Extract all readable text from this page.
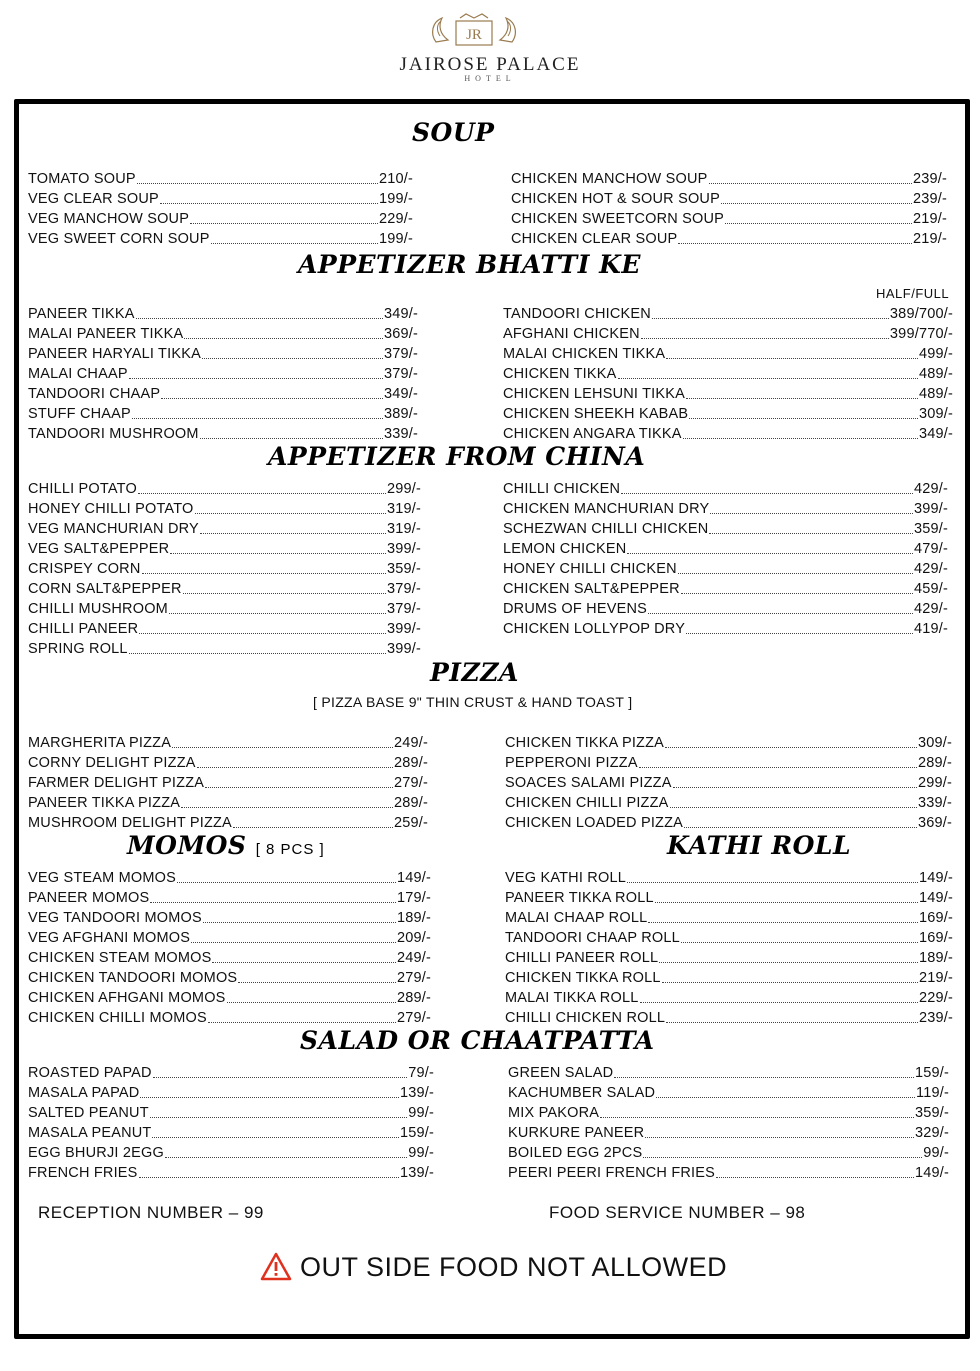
JR
JAIROSE PALACE
HOTEL
SOUP
APPETIZER BHATTI KE
HALF/FULL
APPETIZER FROM CHINA
PIZZA
[ PIZZA BASE 9" THIN CRUST & HAND TOAST ]
MOMOS [ 8 PCS ]	KATHI ROLL
SALAD OR CHAATPATTA
TOMATO SOUP	210/-
VEG CLEAR SOUP	199/-
VEG MANCHOW SOUP	229/-
VEG SWEET CORN SOUP	199/-
CHICKEN MANCHOW SOUP	239/-
CHICKEN HOT & SOUR SOUP	239/-
CHICKEN SWEETCORN SOUP	219/-
CHICKEN CLEAR SOUP	219/-
PANEER TIKKA	349/-
MALAI PANEER TIKKA	369/-
PANEER HARYALI TIKKA	379/-
MALAI CHAAP	379/-
TANDOORI CHAAP	349/-
STUFF CHAAP	389/-
TANDOORI MUSHROOM	339/-
TANDOORI CHICKEN	389/700/-
AFGHANI CHICKEN	399/770/-
MALAI CHICKEN TIKKA	499/-
CHICKEN TIKKA	489/-
CHICKEN LEHSUNI TIKKA	489/-
CHICKEN SHEEKH KABAB	309/-
CHICKEN ANGARA TIKKA	349/-
CHILLI POTATO	299/-
HONEY CHILLI POTATO	319/-
VEG MANCHURIAN DRY	319/-
VEG SALT&PEPPER	399/-
CRISPEY CORN	359/-
CORN SALT&PEPPER	379/-
CHILLI MUSHROOM	379/-
CHILLI PANEER	399/-
SPRING ROLL	399/-
CHILLI CHICKEN	429/-
CHICKEN MANCHURIAN DRY	399/-
SCHEZWAN CHILLI CHICKEN	359/-
LEMON CHICKEN	479/-
HONEY CHILLI CHICKEN	429/-
CHICKEN SALT&PEPPER	459/-
DRUMS OF HEVENS	429/-
CHICKEN LOLLYPOP DRY	419/-
MARGHERITA PIZZA	249/-
CORNY DELIGHT PIZZA	289/-
FARMER DELIGHT PIZZA	279/-
PANEER TIKKA PIZZA	289/-
MUSHROOM DELIGHT PIZZA	259/-
CHICKEN TIKKA PIZZA	309/-
PEPPERONI PIZZA	289/-
SOACES SALAMI PIZZA	299/-
CHICKEN CHILLI PIZZA	339/-
CHICKEN LOADED PIZZA	369/-
VEG STEAM MOMOS	149/-
PANEER MOMOS	179/-
VEG TANDOORI MOMOS	189/-
VEG AFGHANI MOMOS	209/-
CHICKEN STEAM MOMOS	249/-
CHICKEN TANDOORI MOMOS	279/-
CHICKEN AFHGANI MOMOS	289/-
CHICKEN CHILLI MOMOS	279/-
VEG KATHI ROLL	149/-
PANEER TIKKA ROLL	149/-
MALAI CHAAP ROLL	169/-
TANDOORI CHAAP ROLL	169/-
CHILLI PANEER ROLL	189/-
CHICKEN TIKKA ROLL	219/-
MALAI TIKKA ROLL	229/-
CHILLI CHICKEN ROLL	239/-
ROASTED PAPAD	79/-
MASALA PAPAD	139/-
SALTED PEANUT	99/-
MASALA PEANUT	159/-
EGG BHURJI 2EGG	99/-
FRENCH FRIES	139/-
GREEN SALAD	159/-
KACHUMBER SALAD	119/-
MIX PAKORA	359/-
KURKURE PANEER	329/-
BOILED EGG 2PCS	99/-
PEERI PEERI FRENCH FRIES	149/-
RECEPTION NUMBER – 99	FOOD SERVICE NUMBER – 98
OUT SIDE FOOD NOT ALLOWED
